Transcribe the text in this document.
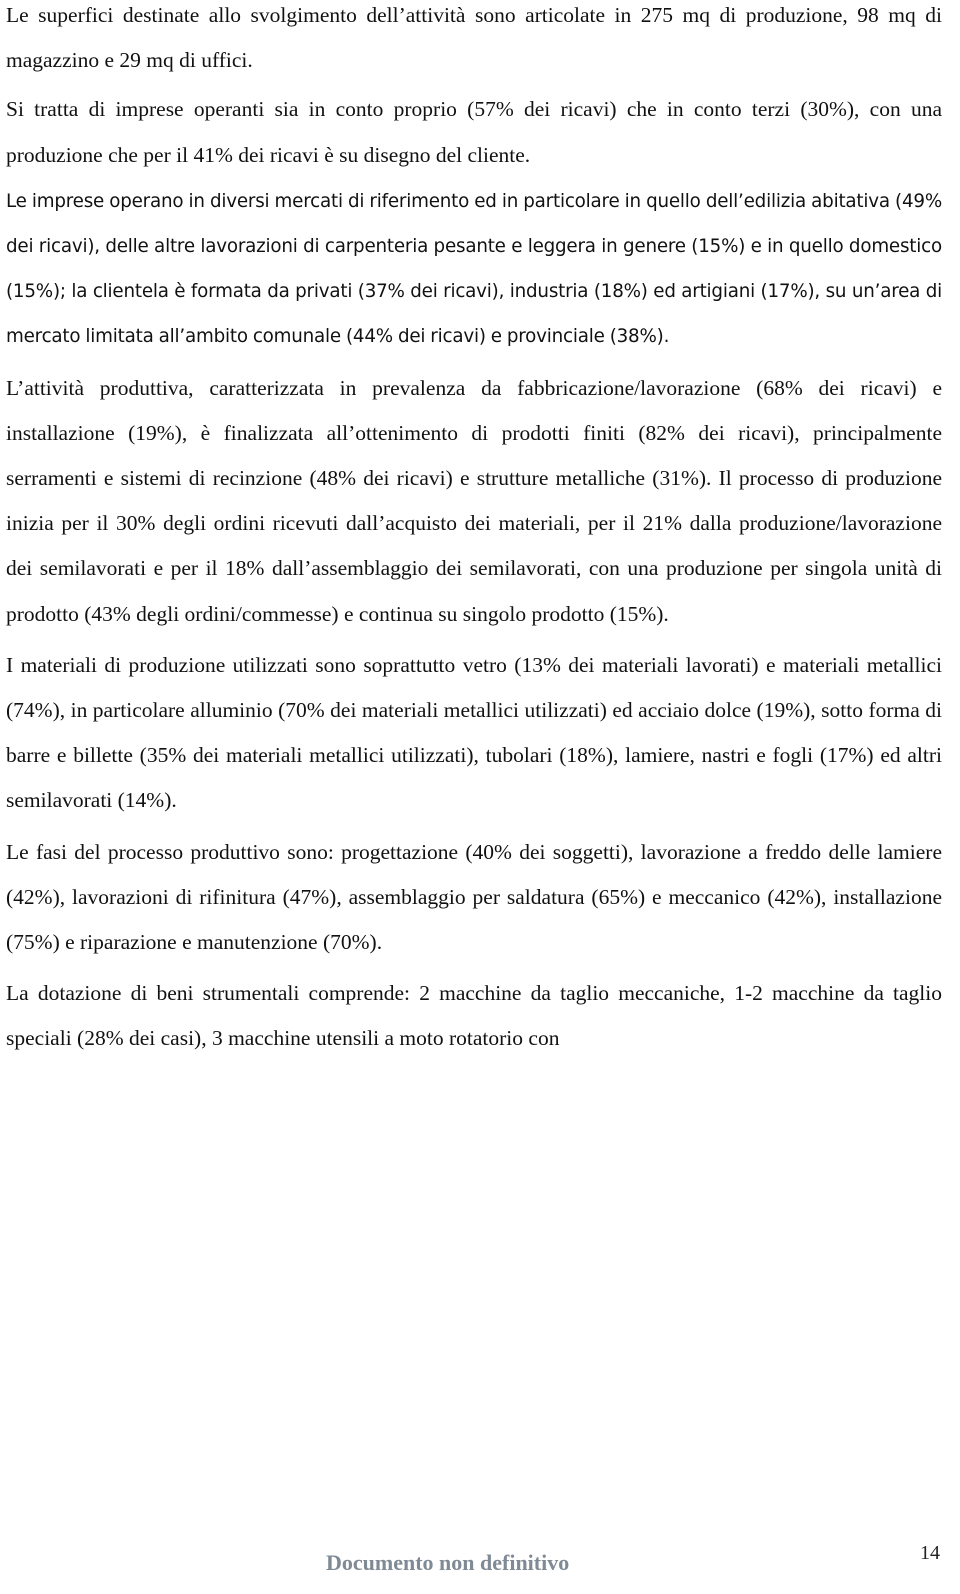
Le superfici destinate allo svolgimento dell’attività sono articolate in 275 mq di produzione, 98 mq di magazzino e 29 mq di uffici.

Si tratta di imprese operanti sia in conto proprio (57% dei ricavi) che in conto terzi (30%), con una produzione che per il 41% dei ricavi è su disegno del cliente.

Le imprese operano in diversi mercati di riferimento ed in particolare in quello dell’edilizia abitativa (49% dei ricavi), delle altre lavorazioni di carpenteria pesante e leggera in genere (15%) e in quello domestico (15%); la clientela è formata da privati (37% dei ricavi), industria (18%) ed artigiani (17%), su un’area di mercato limitata all’ambito comunale (44% dei ricavi) e provinciale (38%).

L’attività produttiva, caratterizzata in prevalenza da fabbricazione/lavorazione (68% dei ricavi) e installazione (19%), è finalizzata all’ottenimento di prodotti finiti (82% dei ricavi), principalmente serramenti e sistemi di recinzione (48% dei ricavi) e strutture metalliche (31%). Il processo di produzione inizia per il 30% degli ordini ricevuti dall’acquisto dei materiali, per il 21% dalla produzione/lavorazione dei semilavorati e per il 18% dall’assemblaggio dei semilavorati, con una produzione per singola unità di prodotto (43% degli ordini/commesse) e continua su singolo prodotto (15%).

I materiali di produzione utilizzati sono soprattutto vetro (13% dei materiali lavorati) e materiali metallici (74%), in particolare alluminio (70% dei materiali metallici utilizzati) ed acciaio dolce (19%), sotto forma di barre e billette (35% dei materiali metallici utilizzati), tubolari (18%), lamiere, nastri e fogli (17%) ed altri semilavorati (14%).

Le fasi del processo produttivo sono: progettazione (40% dei soggetti), lavorazione a freddo delle lamiere (42%), lavorazioni di rifinitura (47%), assemblaggio per saldatura (65%) e meccanico (42%), installazione (75%) e riparazione e manutenzione (70%).

La dotazione di beni strumentali comprende: 2 macchine da taglio meccaniche, 1-2 macchine da taglio speciali (28% dei casi), 3 macchine utensili a moto rotatorio con

Documento non definitivo	14
